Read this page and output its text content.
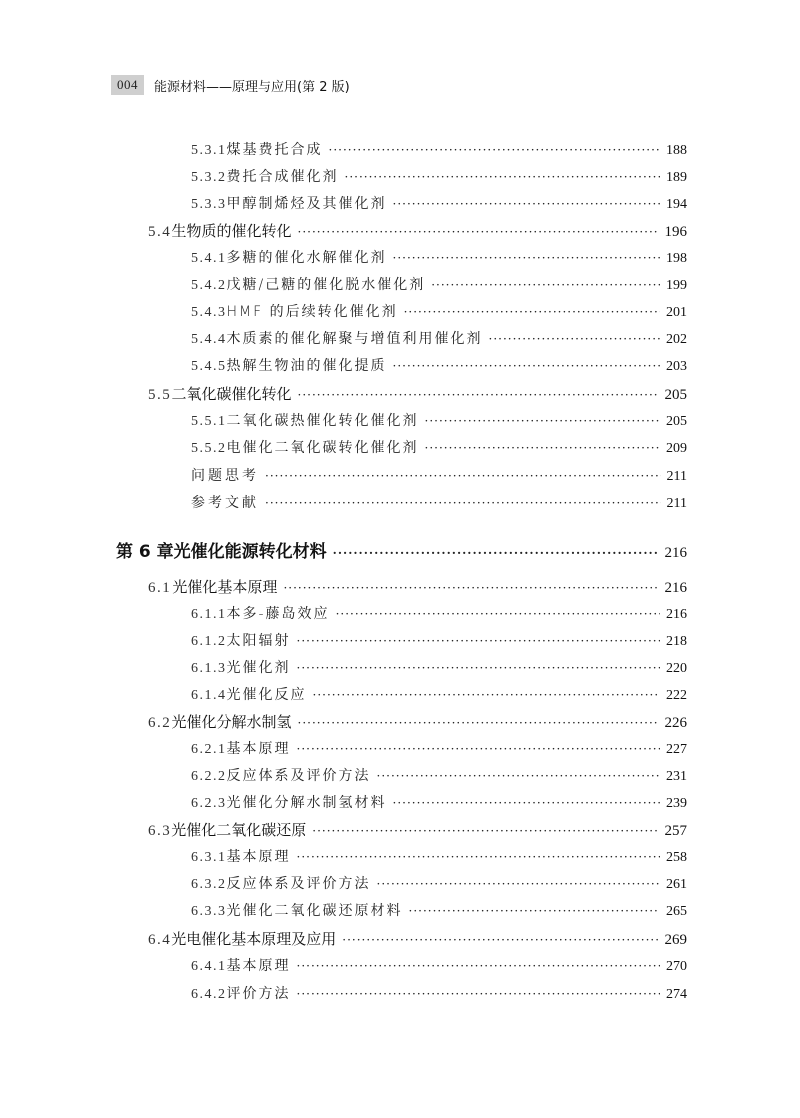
004	能源材料——原理与应用(第 2 版)
5.3.1 煤基费托合成 ·····	188
5.3.2 费托合成催化剂 ·····	189
5.3.3 甲醇制烯烃及其催化剂 ·····	194
5.4 生物质的催化转化 ·····	196
5.4.1 多糖的催化水解催化剂 ·····	198
5.4.2 戊糖/己糖的催化脱水催化剂 ·····	199
5.4.3 HMF 的后续转化催化剂 ·····	201
5.4.4 木质素的催化解聚与增值利用催化剂 ·····	202
5.4.5 热解生物油的催化提质 ·····	203
5.5 二氧化碳催化转化 ·····	205
5.5.1 二氧化碳热催化转化催化剂 ·····	205
5.5.2 电催化二氧化碳转化催化剂 ·····	209
问题思考 ·····	211
参考文献 ·····	211
第 6 章 光催化能源转化材料 ·····	216
6.1 光催化基本原理 ·····	216
6.1.1 本多-藤岛效应 ·····	216
6.1.2 太阳辐射 ·····	218
6.1.3 光催化剂 ·····	220
6.1.4 光催化反应 ·····	222
6.2 光催化分解水制氢 ·····	226
6.2.1 基本原理 ·····	227
6.2.2 反应体系及评价方法 ·····	231
6.2.3 光催化分解水制氢材料 ·····	239
6.3 光催化二氧化碳还原 ·····	257
6.3.1 基本原理 ·····	258
6.3.2 反应体系及评价方法 ·····	261
6.3.3 光催化二氧化碳还原材料 ·····	265
6.4 光电催化基本原理及应用 ·····	269
6.4.1 基本原理 ·····	270
6.4.2 评价方法 ·····	274
